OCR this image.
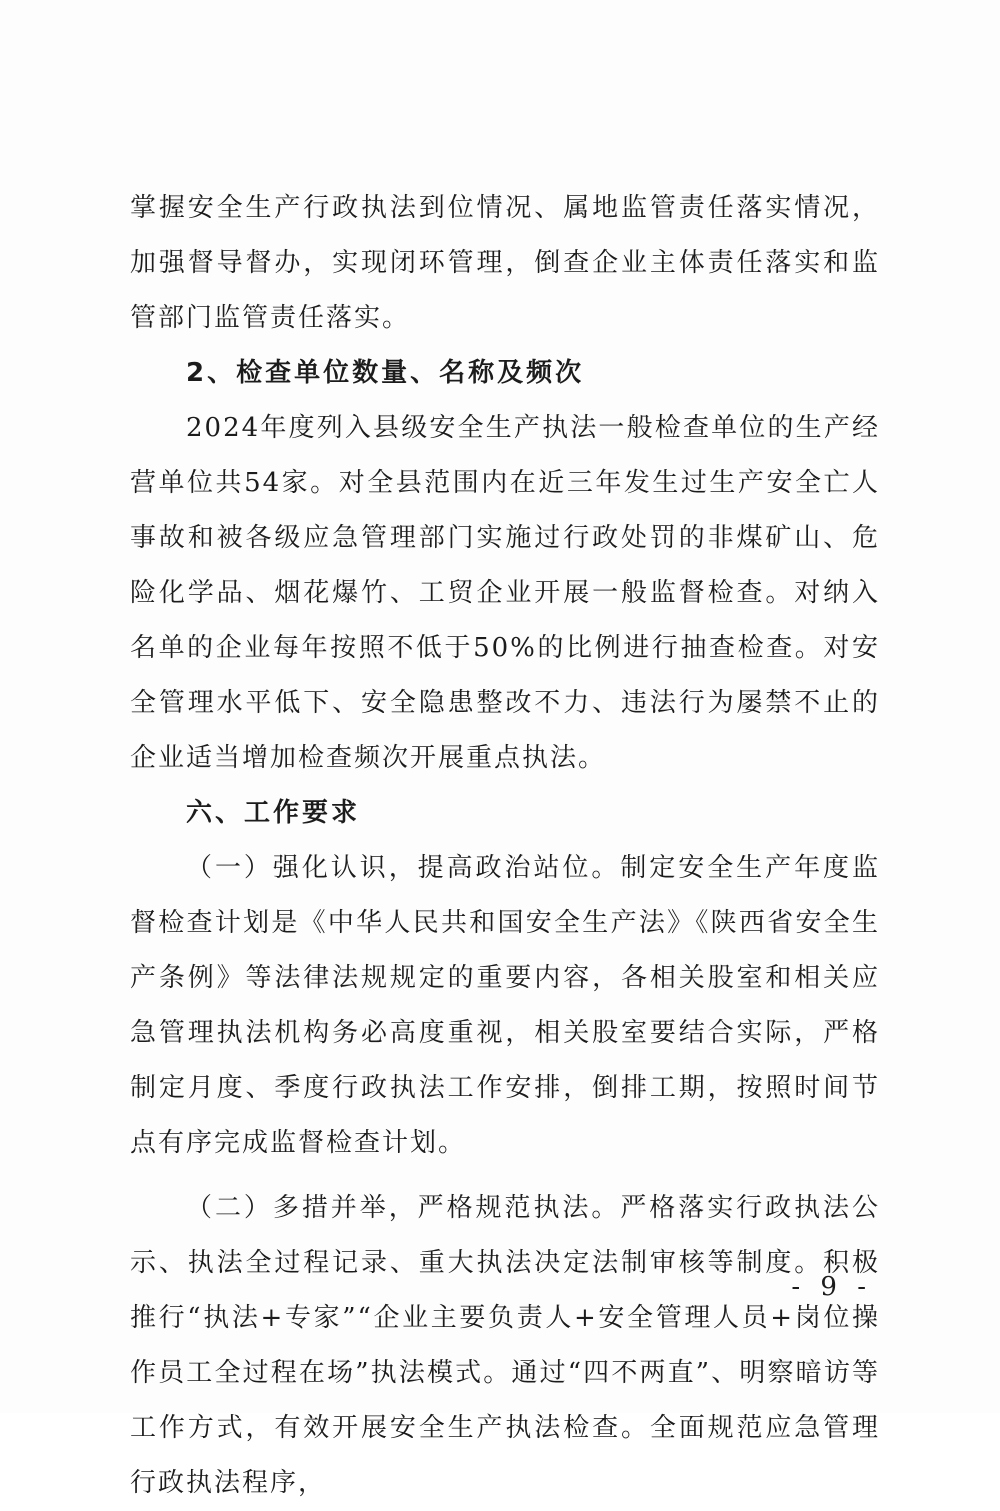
掌握安全生产行政执法到位情况、属地监管责任落实情况，加强督导督办，实现闭环管理，倒查企业主体责任落实和监管部门监管责任落实。

2、检查单位数量、名称及频次

2024年度列入县级安全生产执法一般检查单位的生产经营单位共54家。对全县范围内在近三年发生过生产安全亡人事故和被各级应急管理部门实施过行政处罚的非煤矿山、危险化学品、烟花爆竹、工贸企业开展一般监督检查。对纳入名单的企业每年按照不低于50%的比例进行抽查检查。对安全管理水平低下、安全隐患整改不力、违法行为屡禁不止的企业适当增加检查频次开展重点执法。

六、工作要求

（一）强化认识，提高政治站位。制定安全生产年度监督检查计划是《中华人民共和国安全生产法》《陕西省安全生产条例》等法律法规规定的重要内容，各相关股室和相关应急管理执法机构务必高度重视，相关股室要结合实际，严格制定月度、季度行政执法工作安排，倒排工期，按照时间节点有序完成监督检查计划。

（二）多措并举，严格规范执法。严格落实行政执法公示、执法全过程记录、重大执法决定法制审核等制度。积极推行“执法+专家”“企业主要负责人+安全管理人员+岗位操作员工全过程在场”执法模式。通过“四不两直”、明察暗访等工作方式，有效开展安全生产执法检查。全面规范应急管理行政执法程序，

- 9 -
